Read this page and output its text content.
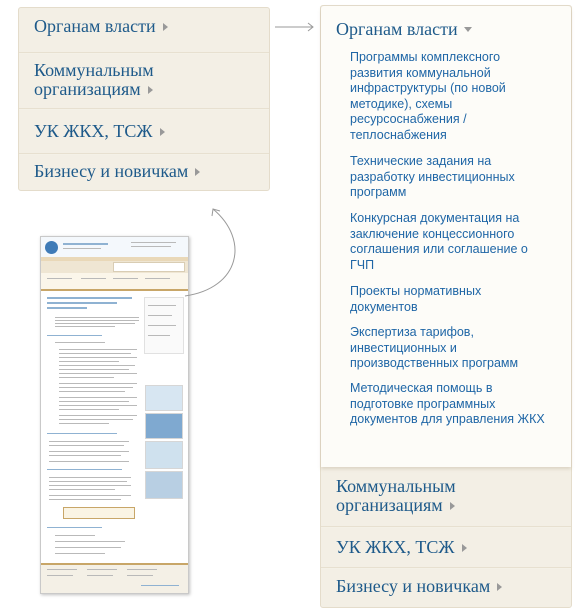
Органам власти
Коммунальным
организациям
УК ЖКХ, ТСЖ
Бизнесу и новичкам
Органам власти
Программы комплексного развития коммунальной инфраструктуры (по новой методике), схемы ресурсоснабжения / теплоснабжения
Технические задания на разработку инвестиционных программ
Конкурсная документация на заключение концессионного соглашения или соглашение о ГЧП
Проекты нормативных документов
Экспертиза тарифов, инвестиционных и производственных программ
Методическая помощь в подготовке программных документов для управления ЖКХ
Коммунальным
организациям
УК ЖКХ, ТСЖ
Бизнесу и новичкам
